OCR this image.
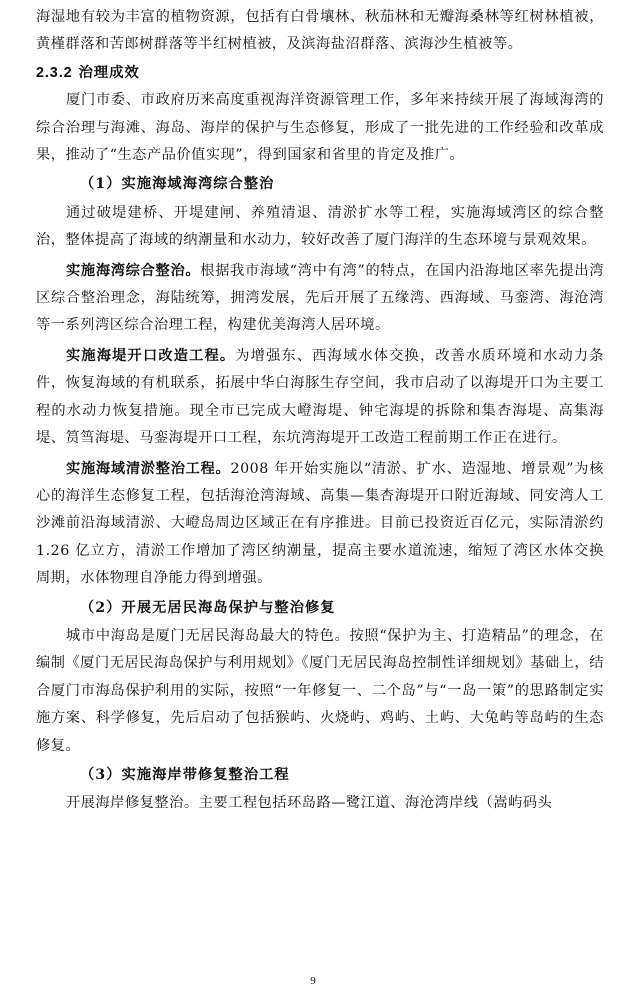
海湿地有较为丰富的植物资源，包括有白骨壤林、秋茄林和无瓣海桑林等红树林植被，黄槿群落和苦郎树群落等半红树植被，及滨海盐沼群落、滨海沙生植被等。

2.3.2 治理成效

厦门市委、市政府历来高度重视海洋资源管理工作，多年来持续开展了海域海湾的综合治理与海滩、海岛、海岸的保护与生态修复，形成了一批先进的工作经验和改革成果，推动了“生态产品价值实现”，得到国家和省里的肯定及推广。

（1）实施海域海湾综合整治

通过破堤建桥、开堤建闸、养殖清退、清淤扩水等工程，实施海域湾区的综合整治，整体提高了海域的纳潮量和水动力，较好改善了厦门海洋的生态环境与景观效果。

实施海湾综合整治。根据我市海域“湾中有湾”的特点，在国内沿海地区率先提出湾区综合整治理念，海陆统筹，拥湾发展，先后开展了五缘湾、西海域、马銮湾、海沧湾等一系列湾区综合治理工程，构建优美海湾人居环境。

实施海堤开口改造工程。为增强东、西海域水体交换，改善水质环境和水动力条件，恢复海域的有机联系，拓展中华白海豚生存空间，我市启动了以海堤开口为主要工程的水动力恢复措施。现全市已完成大嶝海堤、钟宅海堤的拆除和集杏海堤、高集海堤、筼筜海堤、马銮海堤开口工程，东坑湾海堤开工改造工程前期工作正在进行。

实施海域清淤整治工程。2008 年开始实施以“清淤、扩水、造湿地、增景观”为核心的海洋生态修复工程，包括海沧湾海域、高集—集杏海堤开口附近海域、同安湾人工沙滩前沿海域清淤、大嶝岛周边区域正在有序推进。目前已投资近百亿元，实际清淤约 1.26 亿立方，清淤工作增加了湾区纳潮量，提高主要水道流速，缩短了湾区水体交换周期，水体物理自净能力得到增强。

（2）开展无居民海岛保护与整治修复

城市中海岛是厦门无居民海岛最大的特色。按照“保护为主、打造精品”的理念，在编制《厦门无居民海岛保护与利用规划》《厦门无居民海岛控制性详细规划》基础上，结合厦门市海岛保护利用的实际，按照“一年修复一、二个岛”与“一岛一策”的思路制定实施方案、科学修复，先后启动了包括猴屿、火烧屿、鸡屿、土屿、大兔屿等岛屿的生态修复。

（3）实施海岸带修复整治工程

开展海岸修复整治。主要工程包括环岛路—鹭江道、海沧湾岸线（嵩屿码头

9
